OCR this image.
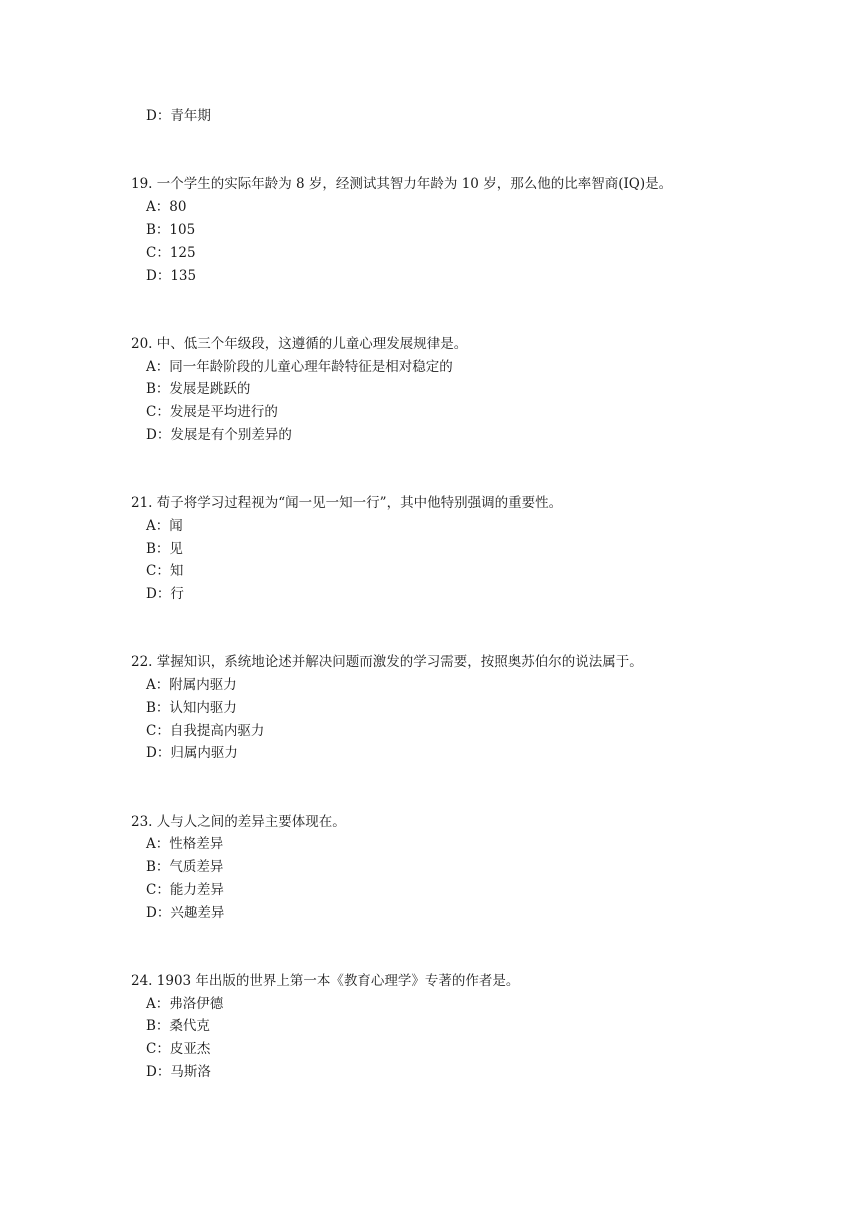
D：青年期
19. 一个学生的实际年龄为 8 岁，经测试其智力年龄为 10 岁，那么他的比率智商(IQ)是。
A：80
B：105
C：125
D：135
20. 中、低三个年级段，这遵循的儿童心理发展规律是。
A：同一年龄阶段的儿童心理年龄特征是相对稳定的
B：发展是跳跃的
C：发展是平均进行的
D：发展是有个别差异的
21. 荀子将学习过程视为“闻一见一知一行”，其中他特别强调的重要性。
A：闻
B：见
C：知
D：行
22. 掌握知识，系统地论述并解决问题而激发的学习需要，按照奥苏伯尔的说法属于。
A：附属内驱力
B：认知内驱力
C：自我提高内驱力
D：归属内驱力
23. 人与人之间的差异主要体现在。
A：性格差异
B：气质差异
C：能力差异
D：兴趣差异
24. 1903 年出版的世界上第一本《教育心理学》专著的作者是。
A：弗洛伊德
B：桑代克
C：皮亚杰
D：马斯洛
